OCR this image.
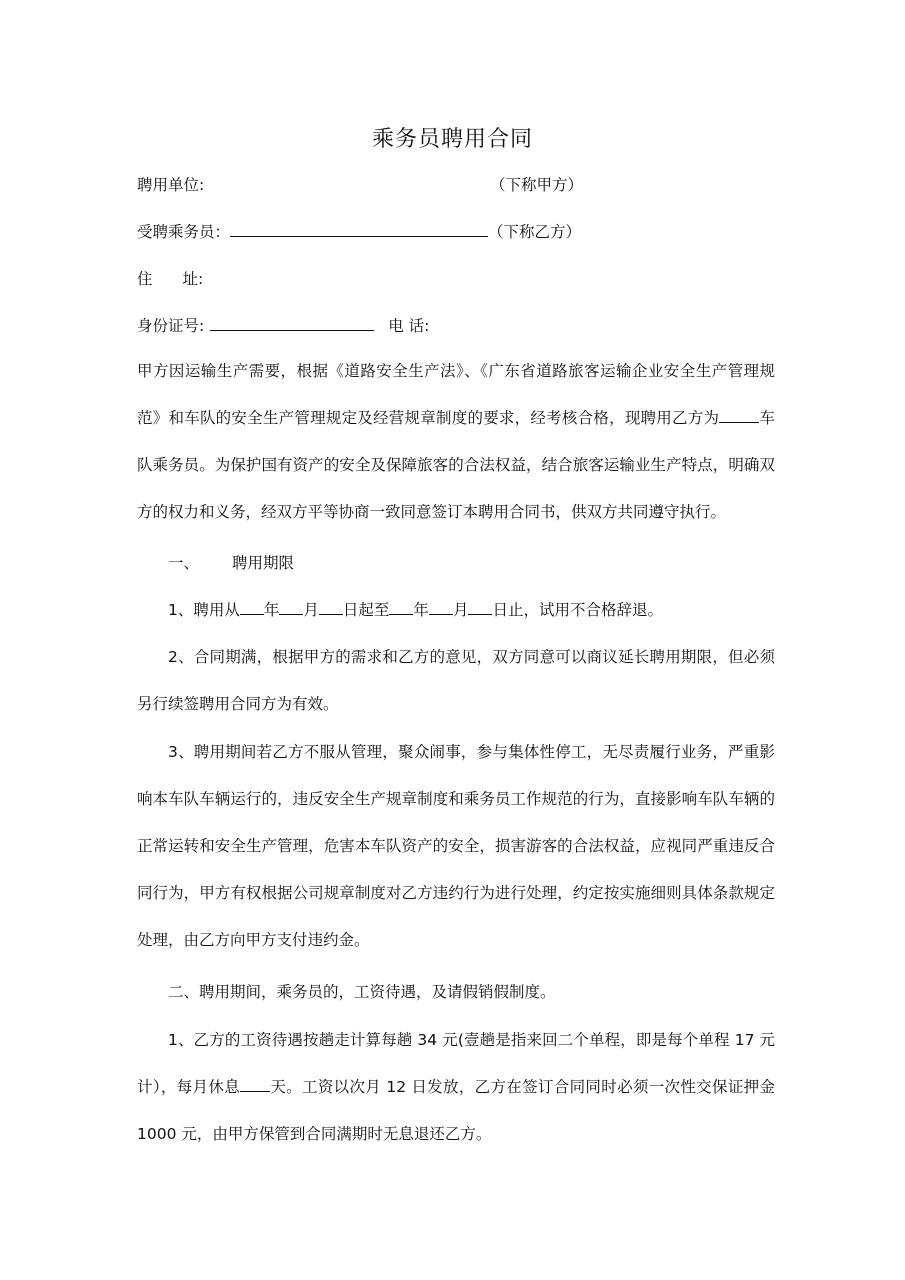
乘务员聘用合同
聘用单位:	（下称甲方）
受聘乘务员：	（下称乙方）
住 址:
身份证号:	电 话:
甲方因运输生产需要，根据《道路安全生产法》、《广东省道路旅客运输企业安全生产管理规范》和车队的安全生产管理规定及经营规章制度的要求，经考核合格，现聘用乙方为	车队乘务员。为保护国有资产的安全及保障旅客的合法权益，结合旅客运输业生产特点，明确双方的权力和义务，经双方平等协商一致同意签订本聘用合同书，供双方共同遵守执行。
一、 聘用期限
1、聘用从 年 月 日起至 年 月 日止，试用不合格辞退。
2、合同期满，根据甲方的需求和乙方的意见，双方同意可以商议延长聘用期限，但必须另行续签聘用合同方为有效。
3、聘用期间若乙方不服从管理，聚众闹事，参与集体性停工，无尽责履行业务，严重影响本车队车辆运行的，违反安全生产规章制度和乘务员工作规范的行为，直接影响车队车辆的正常运转和安全生产管理，危害本车队资产的安全，损害游客的合法权益，应视同严重违反合同行为，甲方有权根据公司规章制度对乙方违约行为进行处理，约定按实施细则具体条款规定处理，由乙方向甲方支付违约金。
二、聘用期间，乘务员的，工资待遇，及请假销假制度。
1、乙方的工资待遇按趟走计算每趟 34 元(壹趟是指来回二个单程，即是每个单程 17 元计），每月休息 天。工资以次月 12 日发放，乙方在签订合同同时必须一次性交保证押金 1000 元，由甲方保管到合同满期时无息退还乙方。
